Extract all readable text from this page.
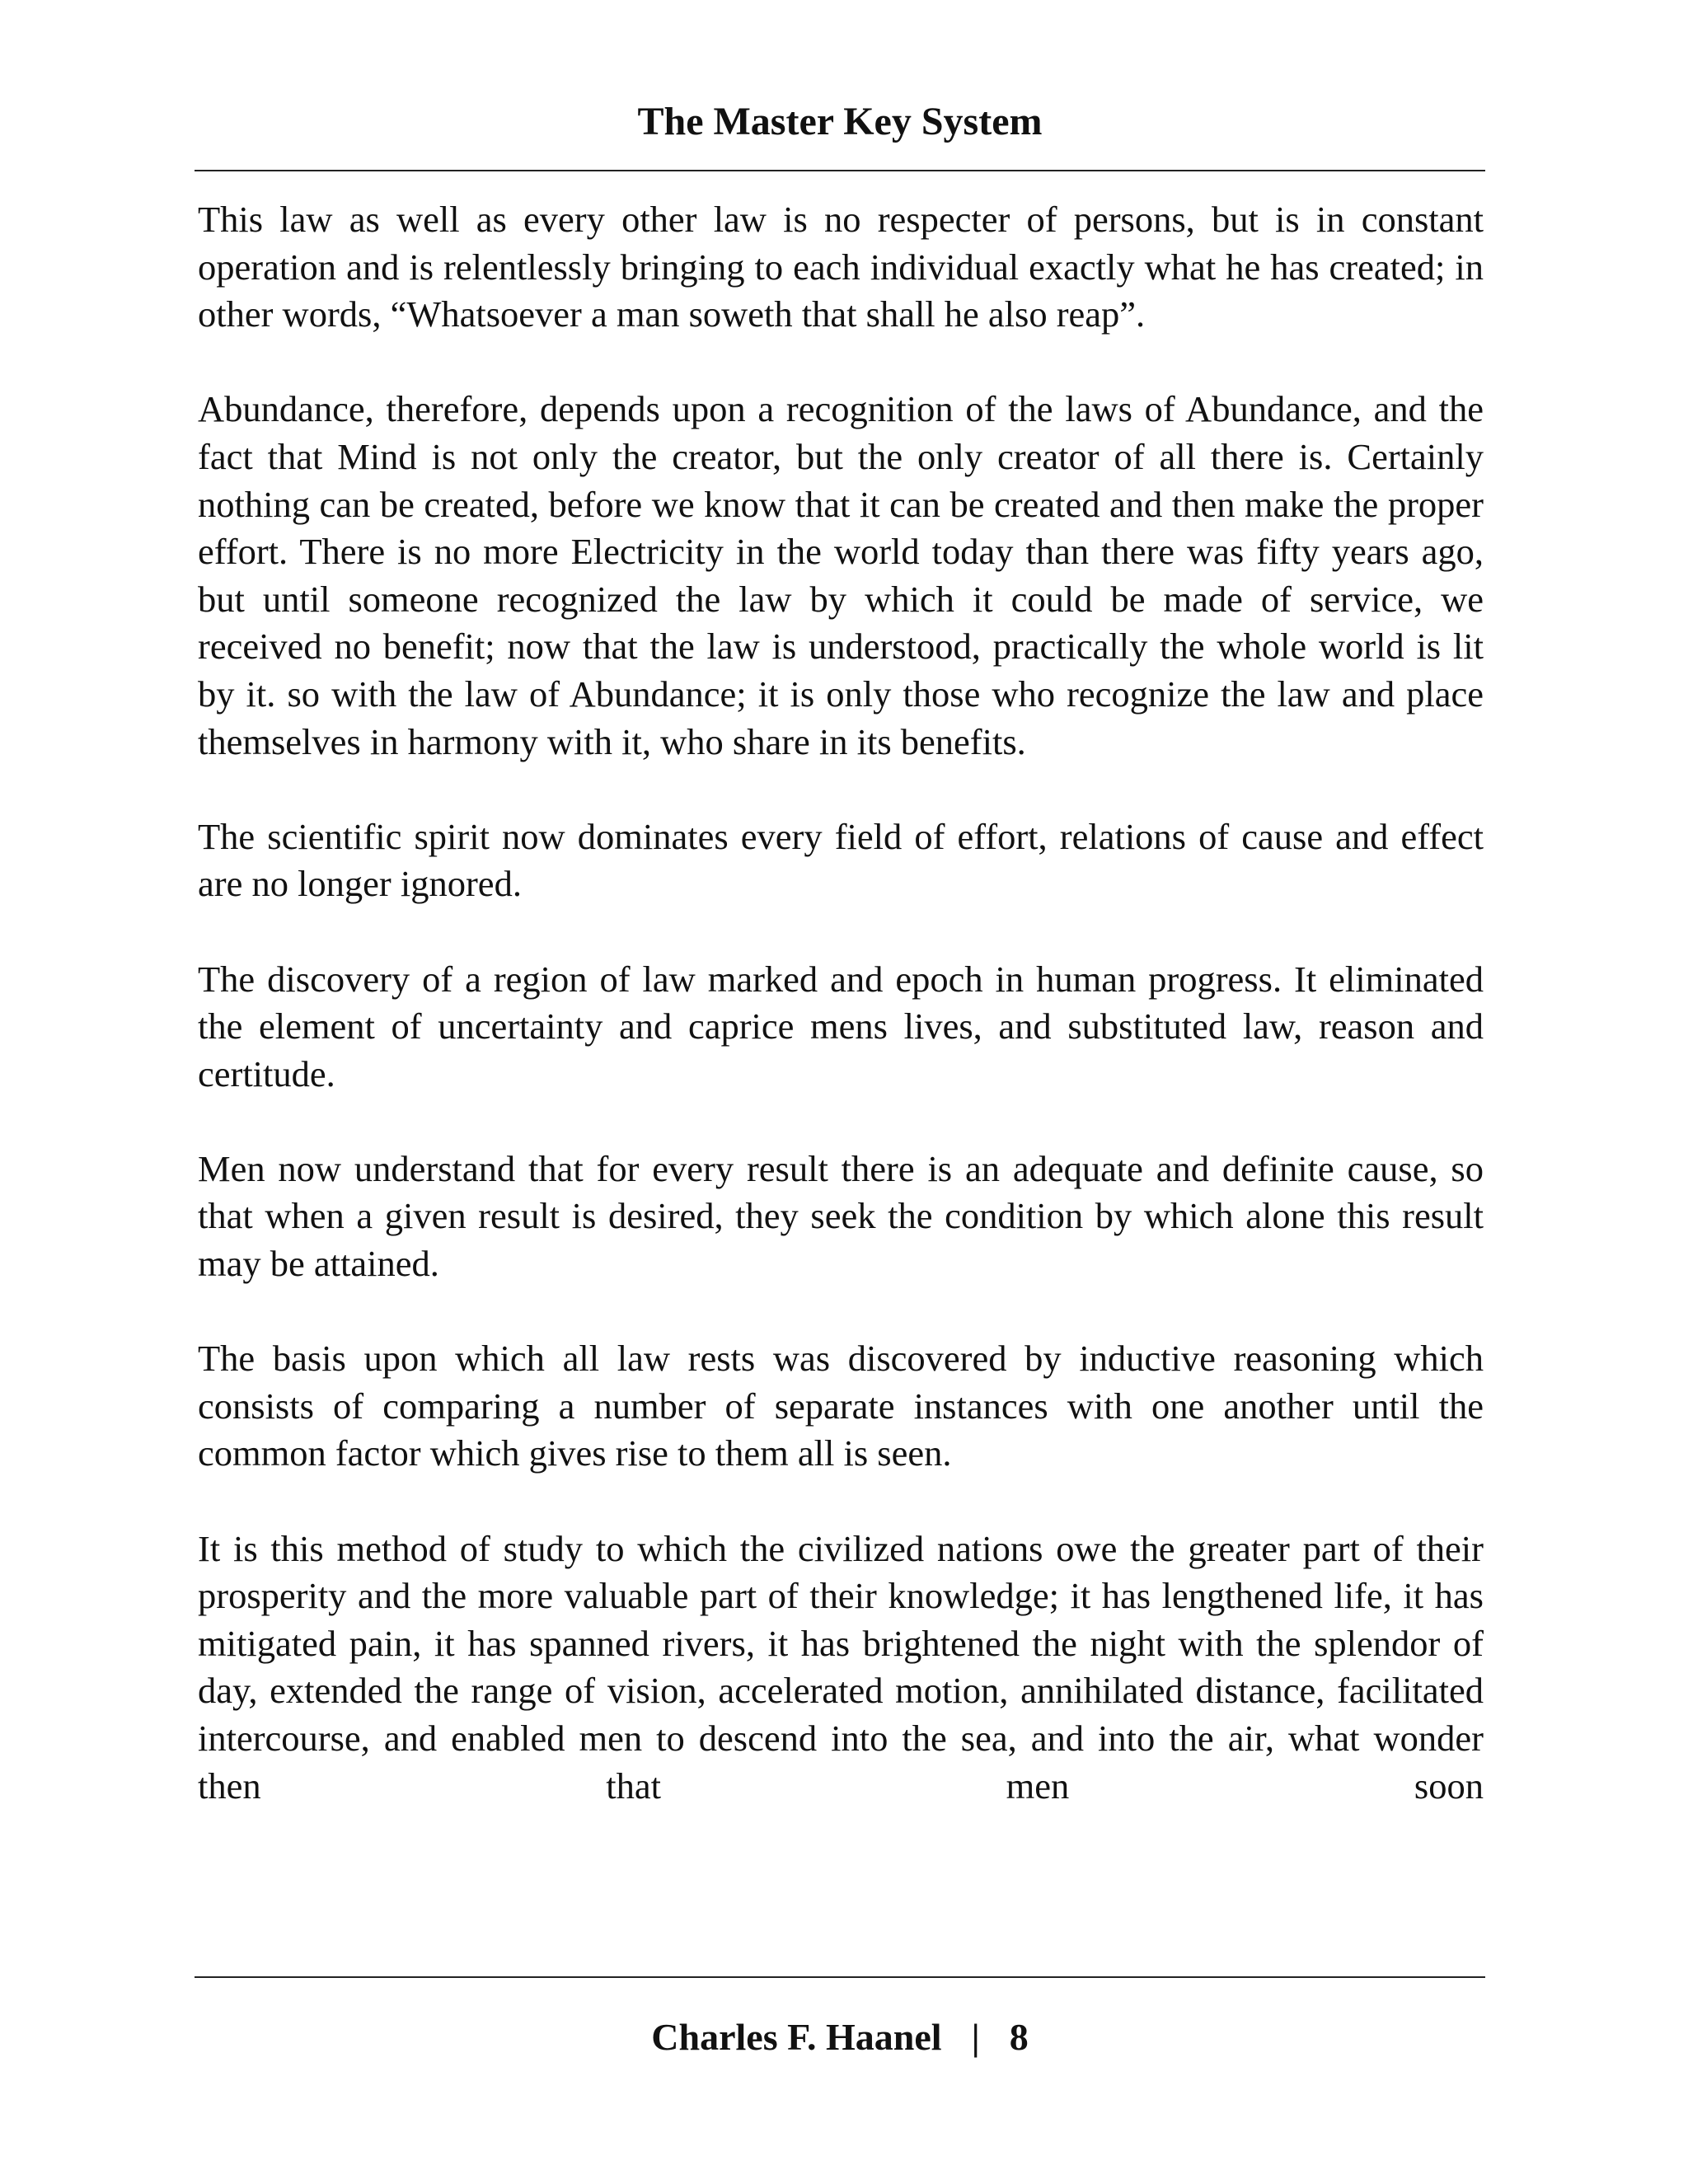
The Master Key System

This law as well as every other law is no respecter of persons, but is in constant operation and is relentlessly bringing to each individual exactly what he has created; in other words, “Whatsoever a man soweth that shall he also reap”.

Abundance, therefore, depends upon a recognition of the laws of Abundance, and the fact that Mind is not only the creator, but the only creator of all there is. Certainly nothing can be created, before we know that it can be created and then make the proper effort. There is no more Electricity in the world today than there was fifty years ago, but until someone recognized the law by which it could be made of service, we received no benefit; now that the law is understood, practically the whole world is lit by it. so with the law of Abundance; it is only those who recognize the law and place themselves in harmony with it, who share in its benefits.

The scientific spirit now dominates every field of effort, relations of cause and effect are no longer ignored.

The discovery of a region of law marked and epoch in human progress. It eliminated the element of uncertainty and caprice mens lives, and substituted law, reason and certitude.

Men now understand that for every result there is an adequate and definite cause, so that when a given result is desired, they seek the condition by which alone this result may be attained.

The basis upon which all law rests was discovered by inductive reasoning which consists of comparing a number of separate instances with one another until the common factor which gives rise to them all is seen.

It is this method of study to which the civilized nations owe the greater part of their prosperity and the more valuable part of their knowledge; it has lengthened life, it has mitigated pain, it has spanned rivers, it has brightened the night with the splendor of day, extended the range of vision, accelerated motion, annihilated distance, facilitated intercourse, and enabled men to descend into the sea, and into the air, what wonder then that men soon

Charles F. Haanel | 8
